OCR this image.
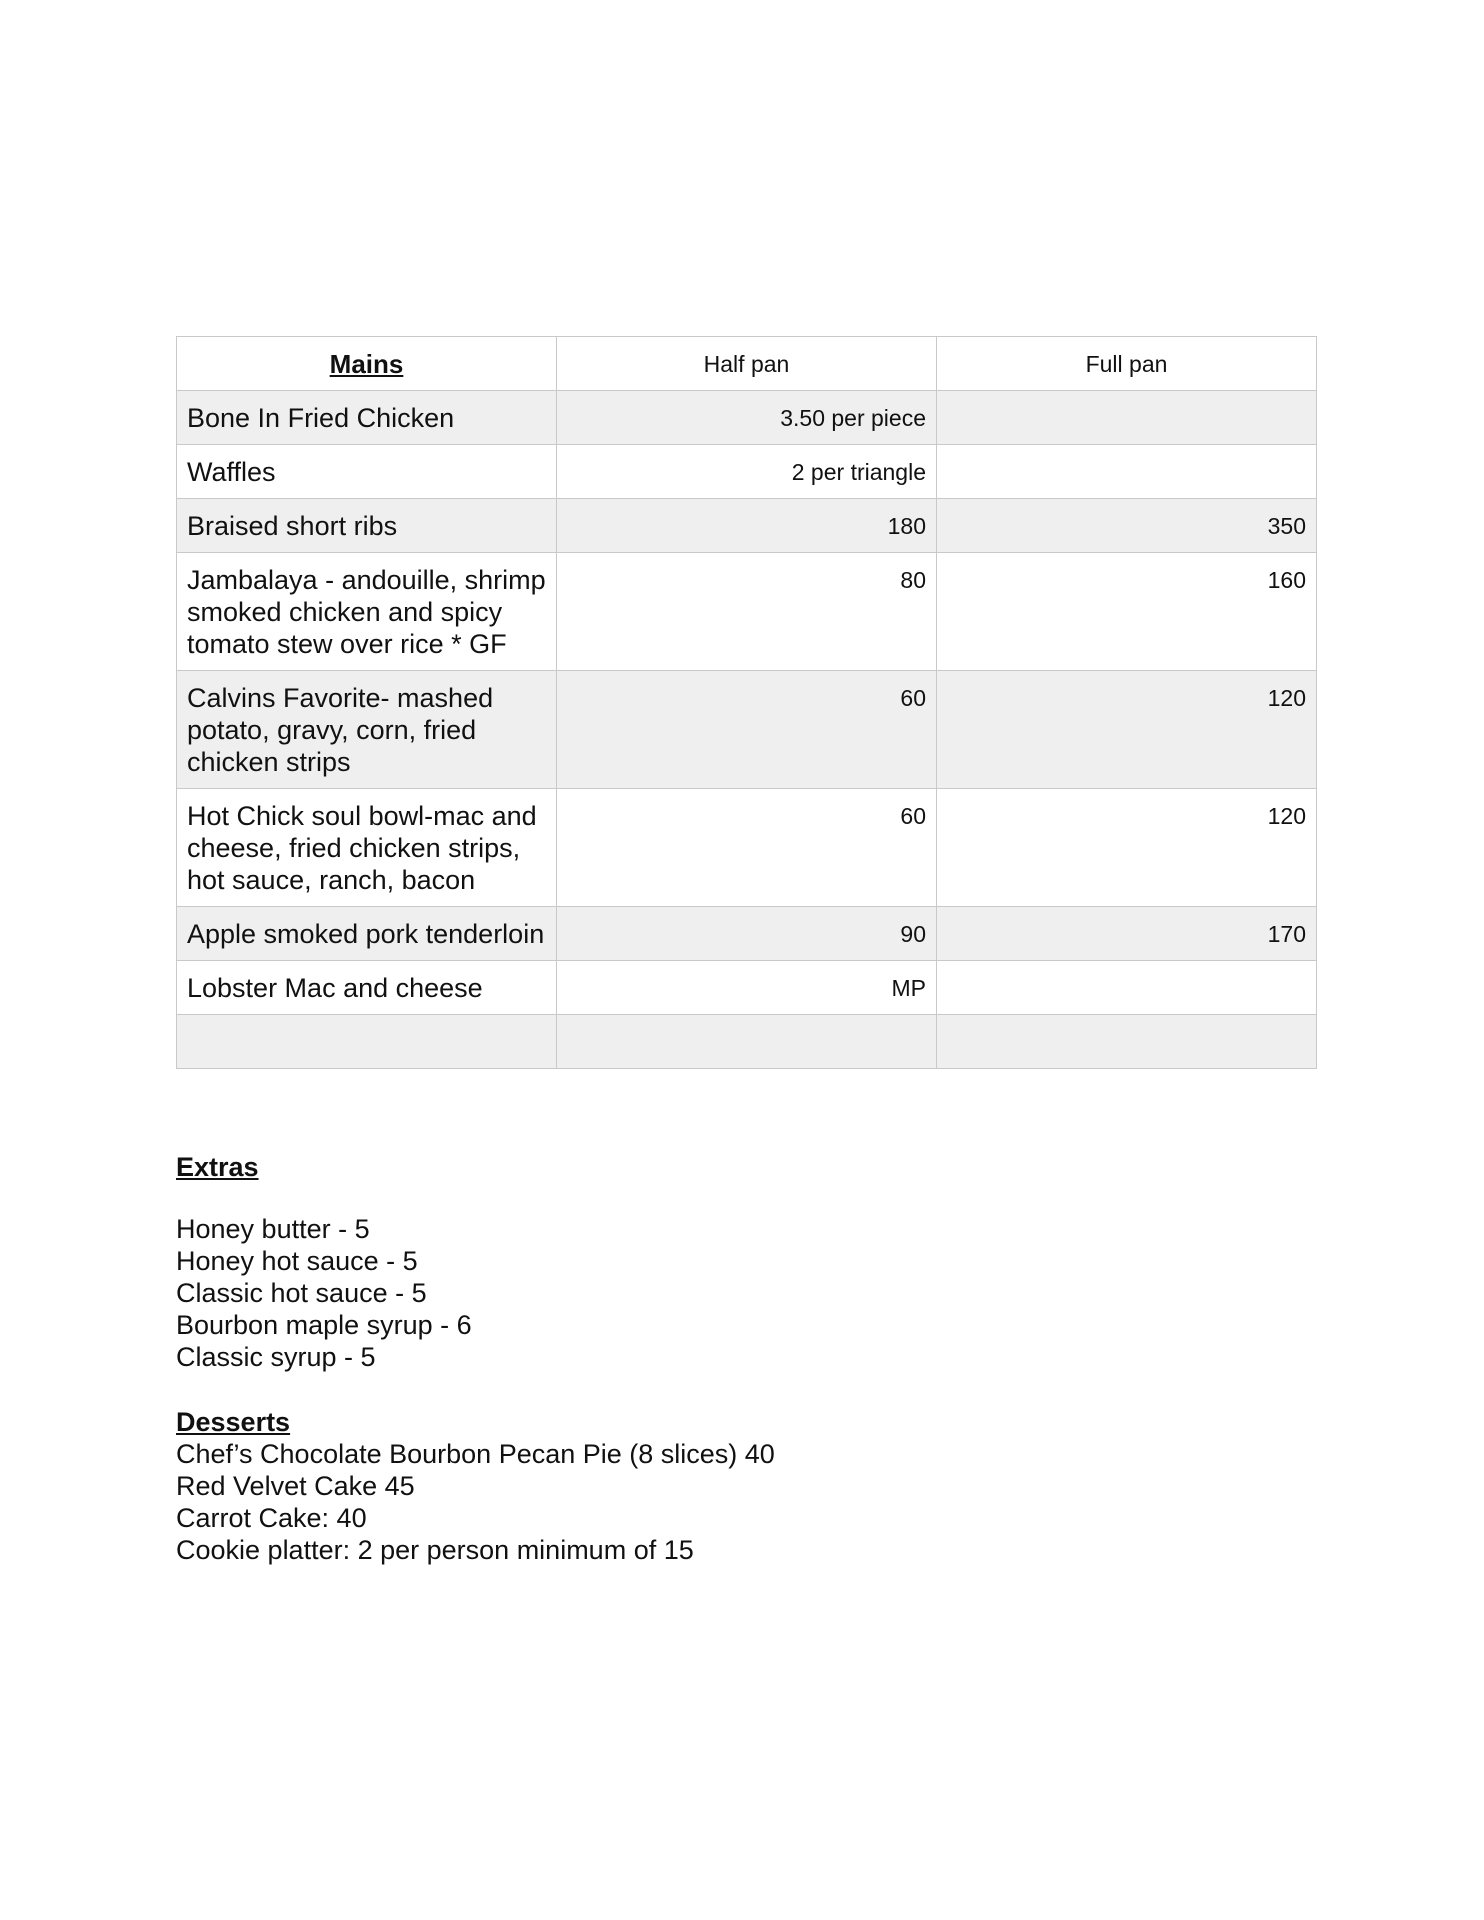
Mains	Half pan	Full pan
Bone In Fried Chicken	3.50 per piece	
Waffles	2 per triangle	
Braised short ribs	180	350
Jambalaya - andouille, shrimp smoked chicken and spicy tomato stew over rice * GF	80	160
Calvins Favorite- mashed potato, gravy, corn, fried chicken strips	60	120
Hot Chick soul bowl-mac and cheese, fried chicken strips, hot sauce, ranch, bacon	60	120
Apple smoked pork tenderloin	90	170
Lobster Mac and cheese	MP	

Extras
Honey butter - 5
Honey hot sauce - 5
Classic hot sauce - 5
Bourbon maple syrup - 6
Classic syrup - 5
Desserts
Chef’s Chocolate Bourbon Pecan Pie (8 slices) 40
Red Velvet Cake 45
Carrot Cake: 40
Cookie platter: 2 per person minimum of 15
